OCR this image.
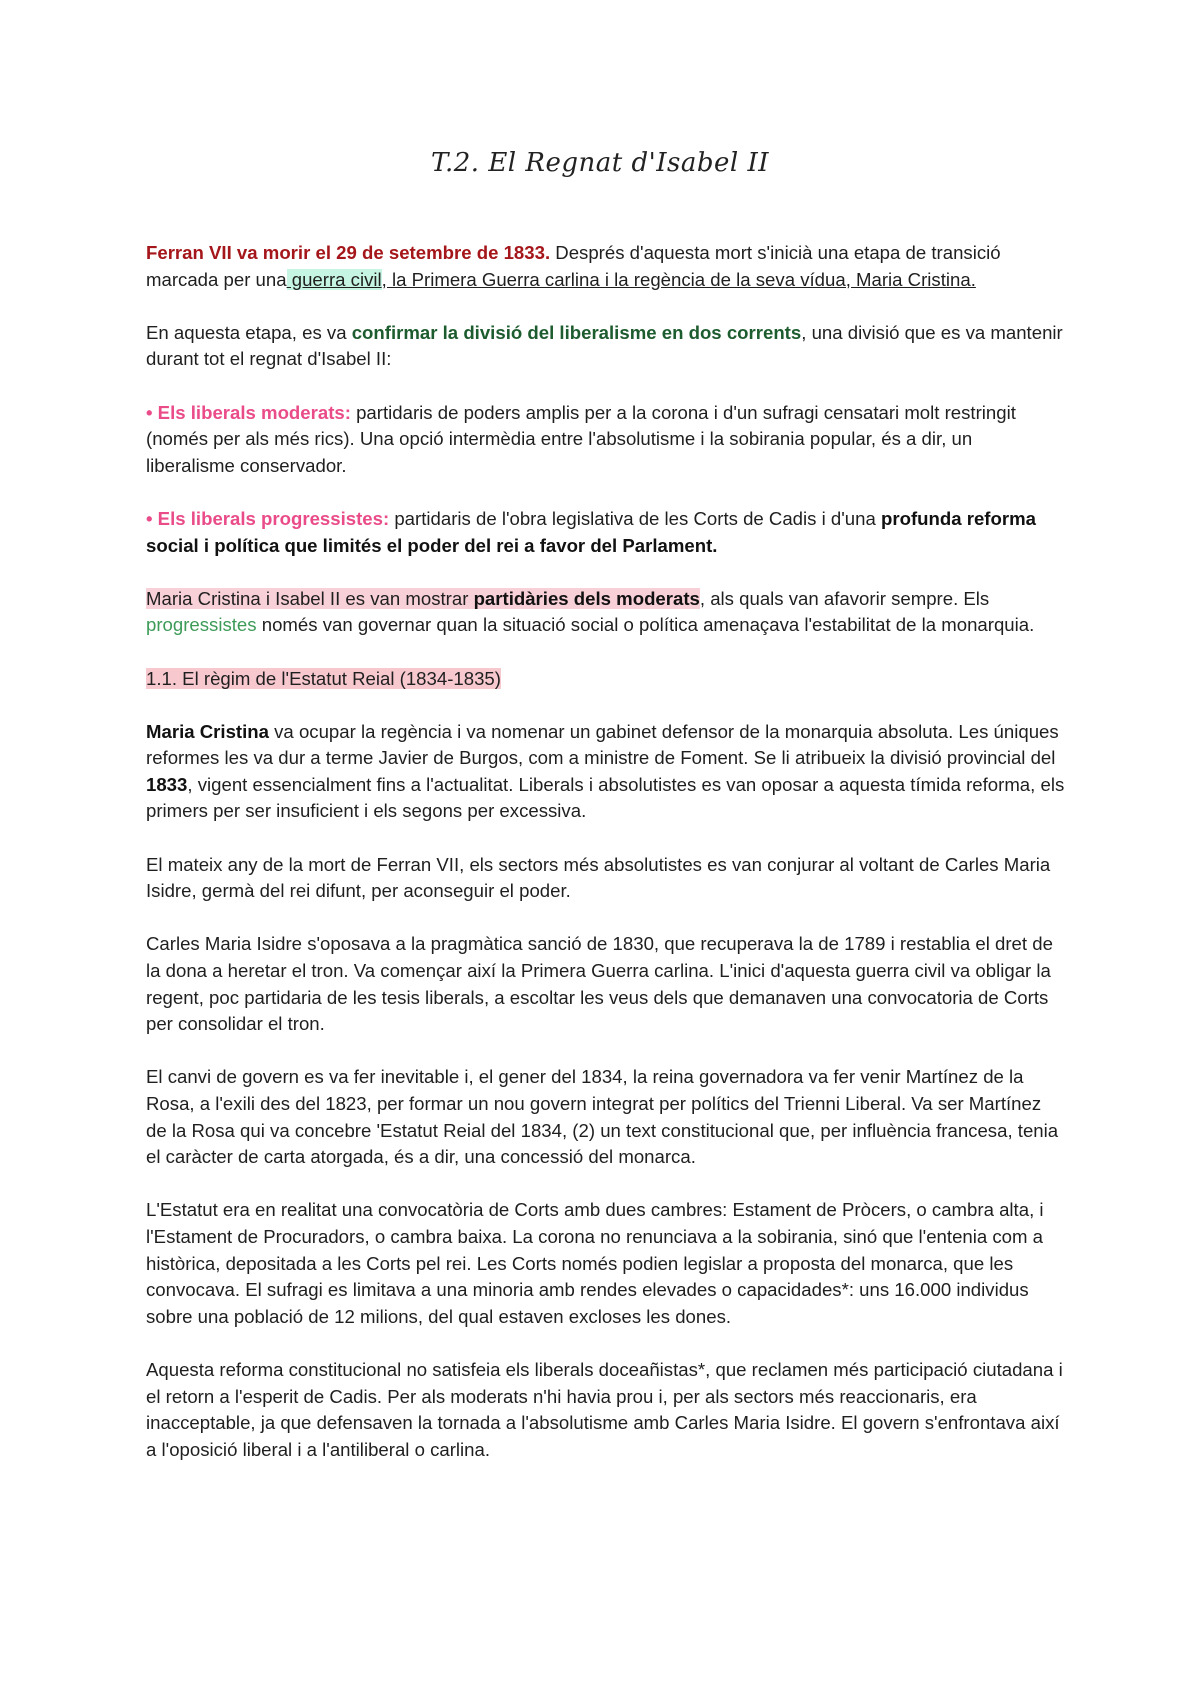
T.2. El Regnat d'Isabel II

Ferran VII va morir el 29 de setembre de 1833. Després d'aquesta mort s'inicià una etapa de transició marcada per una guerra civil, la Primera Guerra carlina i la regència de la seva vídua, Maria Cristina.

En aquesta etapa, es va confirmar la divisió del liberalisme en dos corrents, una divisió que es va mantenir durant tot el regnat d'Isabel II:

• Els liberals moderats: partidaris de poders amplis per a la corona i d'un sufragi censatari molt restringit (només per als més rics). Una opció intermèdia entre l'absolutisme i la sobirania popular, és a dir, un liberalisme conservador.

• Els liberals progressistes: partidaris de l'obra legislativa de les Corts de Cadis i d'una profunda reforma social i política que limités el poder del rei a favor del Parlament.

Maria Cristina i Isabel II es van mostrar partidàries dels moderats, als quals van afavorir sempre. Els progressistes només van governar quan la situació social o política amenaçava l'estabilitat de la monarquia.

1.1. El règim de l'Estatut Reial (1834-1835)

Maria Cristina va ocupar la regència i va nomenar un gabinet defensor de la monarquia absoluta. Les úniques reformes les va dur a terme Javier de Burgos, com a ministre de Foment. Se li atribueix la divisió provincial del 1833, vigent essencialment fins a l'actualitat. Liberals i absolutistes es van oposar a aquesta tímida reforma, els primers per ser insuficient i els segons per excessiva.

El mateix any de la mort de Ferran VII, els sectors més absolutistes es van conjurar al voltant de Carles Maria Isidre, germà del rei difunt, per aconseguir el poder.

Carles Maria Isidre s'oposava a la pragmàtica sanció de 1830, que recuperava la de 1789 i restablia el dret de la dona a heretar el tron. Va començar així la Primera Guerra carlina. L'inici d'aquesta guerra civil va obligar la regent, poc partidaria de les tesis liberals, a escoltar les veus dels que demanaven una convocatoria de Corts per consolidar el tron.

El canvi de govern es va fer inevitable i, el gener del 1834, la reina governadora va fer venir Martínez de la Rosa, a l'exili des del 1823, per formar un nou govern integrat per polítics del Trienni Liberal. Va ser Martínez de la Rosa qui va concebre 'Estatut Reial del 1834, (2) un text constitucional que, per influència francesa, tenia el caràcter de carta atorgada, és a dir, una concessió del monarca.

L'Estatut era en realitat una convocatòria de Corts amb dues cambres: Estament de Pròcers, o cambra alta, i l'Estament de Procuradors, o cambra baixa. La corona no renunciava a la sobirania, sinó que l'entenia com a històrica, depositada a les Corts pel rei. Les Corts només podien legislar a proposta del monarca, que les convocava. El sufragi es limitava a una minoria amb rendes elevades o capacidades*: uns 16.000 individus sobre una població de 12 milions, del qual estaven excloses les dones.

Aquesta reforma constitucional no satisfeia els liberals doceañistas*, que reclamen més participació ciutadana i el retorn a l'esperit de Cadis. Per als moderats n'hi havia prou i, per als sectors més reaccionaris, era inacceptable, ja que defensaven la tornada a l'absolutisme amb Carles Maria Isidre. El govern s'enfrontava així a l'oposició liberal i a l'antiliberal o carlina.
